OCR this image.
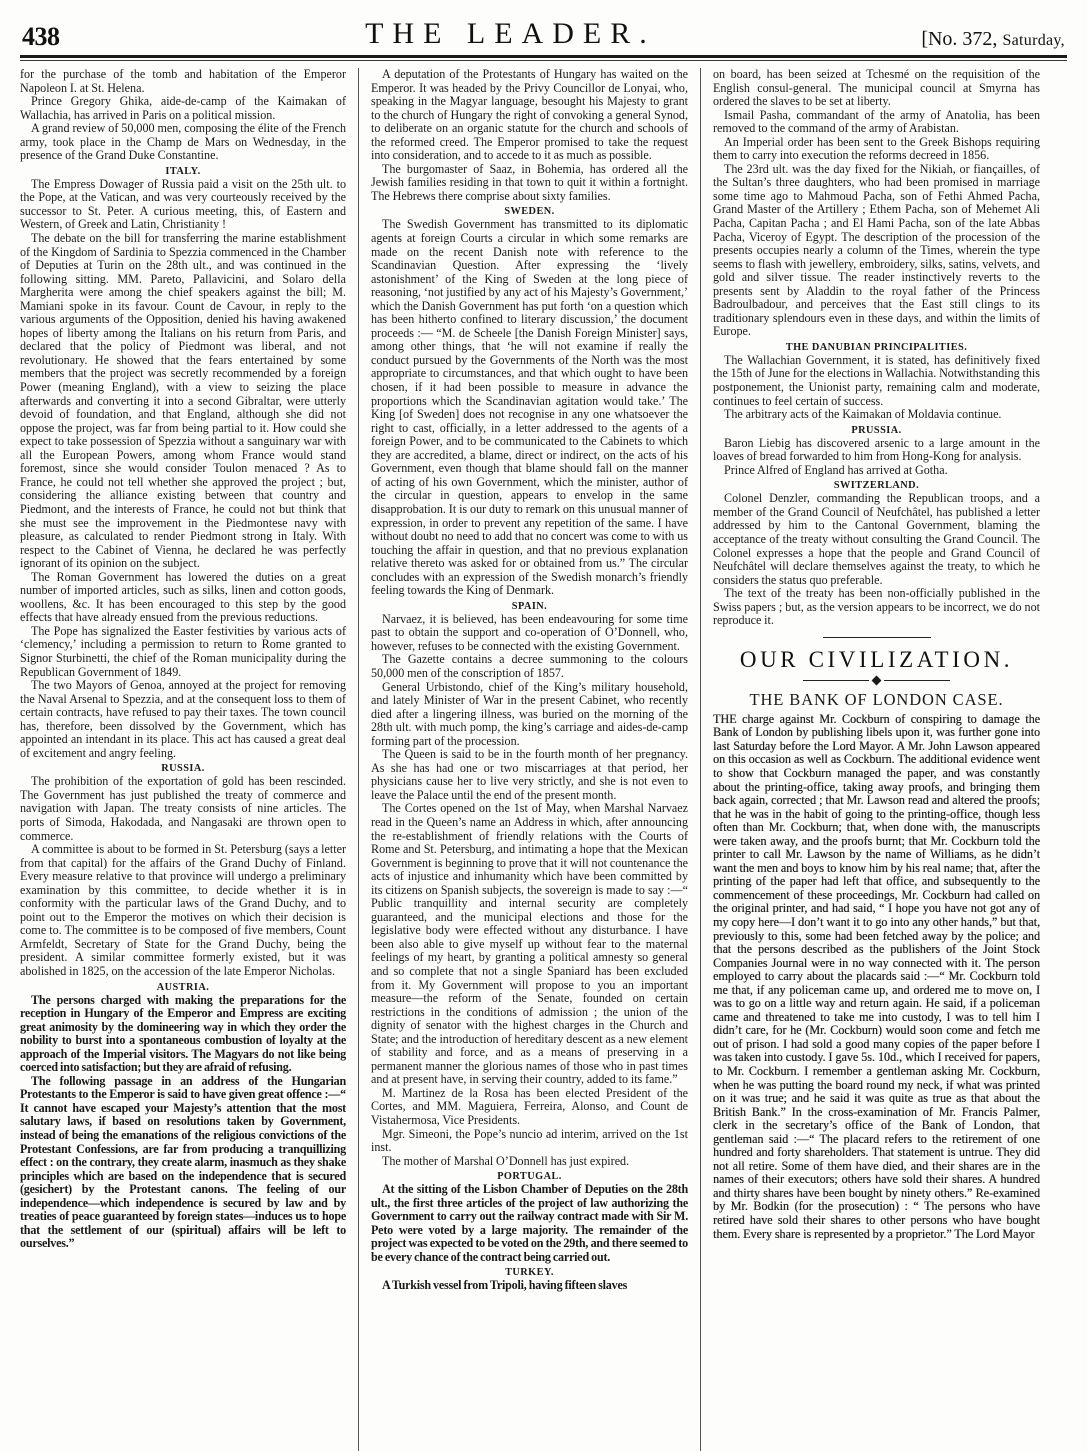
438	THE LEADER.	[No. 372, Saturday,

for the purchase of the tomb and habitation of the Emperor Napoleon I. at St. Helena.

Prince Gregory Ghika, aide-de-camp of the Kaimakan of Wallachia, has arrived in Paris on a political mission.

A grand review of 50,000 men, composing the élite of the French army, took place in the Champ de Mars on Wednesday, in the presence of the Grand Duke Constantine.

ITALY.

The Empress Dowager of Russia paid a visit on the 25th ult. to the Pope, at the Vatican, and was very courteously received by the successor to St. Peter. A curious meeting, this, of Eastern and Western, of Greek and Latin, Christianity !

The debate on the bill for transferring the marine establishment of the Kingdom of Sardinia to Spezzia commenced in the Chamber of Deputies at Turin on the 28th ult., and was continued in the following sitting. MM. Pareto, Pallavicini, and Solaro della Margherita were among the chief speakers against the bill; M. Mamiani spoke in its favour. Count de Cavour, in reply to the various arguments of the Opposition, denied his having awakened hopes of liberty among the Italians on his return from Paris, and declared that the policy of Piedmont was liberal, and not revolutionary. He showed that the fears entertained by some members that the project was secretly recommended by a foreign Power (meaning England), with a view to seizing the place afterwards and converting it into a second Gibraltar, were utterly devoid of foundation, and that England, although she did not oppose the project, was far from being partial to it. How could she expect to take possession of Spezzia without a sanguinary war with all the European Powers, among whom France would stand foremost, since she would consider Toulon menaced ? As to France, he could not tell whether she approved the project ; but, considering the alliance existing between that country and Piedmont, and the interests of France, he could not but think that she must see the improvement in the Piedmontese navy with pleasure, as calculated to render Piedmont strong in Italy. With respect to the Cabinet of Vienna, he declared he was perfectly ignorant of its opinion on the subject.

The Roman Government has lowered the duties on a great number of imported articles, such as silks, linen and cotton goods, woollens, &c. It has been encouraged to this step by the good effects that have already ensued from the previous reductions.

The Pope has signalized the Easter festivities by various acts of ‘clemency,’ including a permission to return to Rome granted to Signor Sturbinetti, the chief of the Roman municipality during the Republican Government of 1849.

The two Mayors of Genoa, annoyed at the project for removing the Naval Arsenal to Spezzia, and at the consequent loss to them of certain contracts, have refused to pay their taxes. The town council has, therefore, been dissolved by the Government, which has appointed an intendant in its place. This act has caused a great deal of excitement and angry feeling.

RUSSIA.

The prohibition of the exportation of gold has been rescinded. The Government has just published the treaty of commerce and navigation with Japan. The treaty consists of nine articles. The ports of Simoda, Hakodada, and Nangasaki are thrown open to commerce.

A committee is about to be formed in St. Petersburg (says a letter from that capital) for the affairs of the Grand Duchy of Finland. Every measure relative to that province will undergo a preliminary examination by this committee, to decide whether it is in conformity with the particular laws of the Grand Duchy, and to point out to the Emperor the motives on which their decision is come to. The committee is to be composed of five members, Count Armfeldt, Secretary of State for the Grand Duchy, being the president. A similar committee formerly existed, but it was abolished in 1825, on the accession of the late Emperor Nicholas.

AUSTRIA.

The persons charged with making the preparations for the reception in Hungary of the Emperor and Empress are exciting great animosity by the domineering way in which they order the nobility to burst into a spontaneous combustion of loyalty at the approach of the Imperial visitors. The Magyars do not like being coerced into satisfaction; but they are afraid of refusing.

The following passage in an address of the Hungarian Protestants to the Emperor is said to have given great offence :—“ It cannot have escaped your Majesty’s attention that the most salutary laws, if based on resolutions taken by Government, instead of being the emanations of the religious convictions of the Protestant Confessions, are far from producing a tranquillizing effect : on the contrary, they create alarm, inasmuch as they shake principles which are based on the independence that is secured (gesichert) by the Protestant canons. The feeling of our independence—which independence is secured by law and by treaties of peace guaranteed by foreign states—induces us to hope that the settlement of our (spiritual) affairs will be left to ourselves.”

A deputation of the Protestants of Hungary has waited on the Emperor. It was headed by the Privy Councillor de Lonyai, who, speaking in the Magyar language, besought his Majesty to grant to the church of Hungary the right of convoking a general Synod, to deliberate on an organic statute for the church and schools of the reformed creed. The Emperor promised to take the request into consideration, and to accede to it as much as possible.

The burgomaster of Saaz, in Bohemia, has ordered all the Jewish families residing in that town to quit it within a fortnight. The Hebrews there comprise about sixty families.

SWEDEN.

The Swedish Government has transmitted to its diplomatic agents at foreign Courts a circular in which some remarks are made on the recent Danish note with reference to the Scandinavian Question. After expressing the ‘lively astonishment’ of the King of Sweden at the long piece of reasoning, ‘not justified by any act of his Majesty’s Government,’ which the Danish Government has put forth ‘on a question which has been hitherto confined to literary discussion,’ the document proceeds :— “M. de Scheele [the Danish Foreign Minister] says, among other things, that ‘he will not examine if really the conduct pursued by the Governments of the North was the most appropriate to circumstances, and that which ought to have been chosen, if it had been possible to measure in advance the proportions which the Scandinavian agitation would take.’ The King [of Sweden] does not recognise in any one whatsoever the right to cast, officially, in a letter addressed to the agents of a foreign Power, and to be communicated to the Cabinets to which they are accredited, a blame, direct or indirect, on the acts of his Government, even though that blame should fall on the manner of acting of his own Government, which the minister, author of the circular in question, appears to envelop in the same disapprobation. It is our duty to remark on this unusual manner of expression, in order to prevent any repetition of the same. I have without doubt no need to add that no concert was come to with us touching the affair in question, and that no previous explanation relative thereto was asked for or obtained from us.” The circular concludes with an expression of the Swedish monarch’s friendly feeling towards the King of Denmark.

SPAIN.

Narvaez, it is believed, has been endeavouring for some time past to obtain the support and co-operation of O’Donnell, who, however, refuses to be connected with the existing Government.

The Gazette contains a decree summoning to the colours 50,000 men of the conscription of 1857.

General Urbistondo, chief of the King’s military household, and lately Minister of War in the present Cabinet, who recently died after a lingering illness, was buried on the morning of the 28th ult. with much pomp, the king’s carriage and aides-de-camp forming part of the procession.

The Queen is said to be in the fourth month of her pregnancy. As she has had one or two miscarriages at that period, her physicians cause her to live very strictly, and she is not even to leave the Palace until the end of the present month.

The Cortes opened on the 1st of May, when Marshal Narvaez read in the Queen’s name an Address in which, after announcing the re-establishment of friendly relations with the Courts of Rome and St. Petersburg, and intimating a hope that the Mexican Government is beginning to prove that it will not countenance the acts of injustice and inhumanity which have been committed by its citizens on Spanish subjects, the sovereign is made to say :—“ Public tranquillity and internal security are completely guaranteed, and the municipal elections and those for the legislative body were effected without any disturbance. I have been also able to give myself up without fear to the maternal feelings of my heart, by granting a political amnesty so general and so complete that not a single Spaniard has been excluded from it. My Government will propose to you an important measure—the reform of the Senate, founded on certain restrictions in the conditions of admission ; the union of the dignity of senator with the highest charges in the Church and State; and the introduction of hereditary descent as a new element of stability and force, and as a means of preserving in a permanent manner the glorious names of those who in past times and at present have, in serving their country, added to its fame.”

M. Martinez de la Rosa has been elected President of the Cortes, and MM. Maguiera, Ferreira, Alonso, and Count de Vistahermosa, Vice Presidents.

Mgr. Simeoni, the Pope’s nuncio ad interim, arrived on the 1st inst.

The mother of Marshal O’Donnell has just expired.

PORTUGAL.

At the sitting of the Lisbon Chamber of Deputies on the 28th ult., the first three articles of the project of law authorizing the Government to carry out the railway contract made with Sir M. Peto were voted by a large majority. The remainder of the project was expected to be voted on the 29th, and there seemed to be every chance of the contract being carried out.

TURKEY.

A Turkish vessel from Tripoli, having fifteen slaves

on board, has been seized at Tchesmé on the requisition of the English consul-general. The municipal council at Smyrna has ordered the slaves to be set at liberty.

Ismail Pasha, commandant of the army of Anatolia, has been removed to the command of the army of Arabistan.

An Imperial order has been sent to the Greek Bishops requiring them to carry into execution the reforms decreed in 1856.

The 23rd ult. was the day fixed for the Nikiah, or fiançailles, of the Sultan’s three daughters, who had been promised in marriage some time ago to Mahmoud Pacha, son of Fethi Ahmed Pacha, Grand Master of the Artillery ; Ethem Pacha, son of Mehemet Ali Pacha, Capitan Pacha ; and El Hami Pacha, son of the late Abbas Pacha, Viceroy of Egypt. The description of the procession of the presents occupies nearly a column of the Times, wherein the type seems to flash with jewellery, embroidery, silks, satins, velvets, and gold and silver tissue. The reader instinctively reverts to the presents sent by Aladdin to the royal father of the Princess Badroulbadour, and perceives that the East still clings to its traditionary splendours even in these days, and within the limits of Europe.

THE DANUBIAN PRINCIPALITIES.

The Wallachian Government, it is stated, has definitively fixed the 15th of June for the elections in Wallachia. Notwithstanding this postponement, the Unionist party, remaining calm and moderate, continues to feel certain of success.

The arbitrary acts of the Kaimakan of Moldavia continue.

PRUSSIA.

Baron Liebig has discovered arsenic to a large amount in the loaves of bread forwarded to him from Hong-Kong for analysis.

Prince Alfred of England has arrived at Gotha.

SWITZERLAND.

Colonel Denzler, commanding the Republican troops, and a member of the Grand Council of Neufchâtel, has published a letter addressed by him to the Cantonal Government, blaming the acceptance of the treaty without consulting the Grand Council. The Colonel expresses a hope that the people and Grand Council of Neufchâtel will declare themselves against the treaty, to which he considers the status quo preferable.

The text of the treaty has been non-officially published in the Swiss papers ; but, as the version appears to be incorrect, we do not reproduce it.

OUR CIVILIZATION.
THE BANK OF LONDON CASE.

THE charge against Mr. Cockburn of conspiring to damage the Bank of London by publishing libels upon it, was further gone into last Saturday before the Lord Mayor. A Mr. John Lawson appeared on this occasion as well as Cockburn. The additional evidence went to show that Cockburn managed the paper, and was constantly about the printing-office, taking away proofs, and bringing them back again, corrected ; that Mr. Lawson read and altered the proofs; that he was in the habit of going to the printing-office, though less often than Mr. Cockburn; that, when done with, the manuscripts were taken away, and the proofs burnt; that Mr. Cockburn told the printer to call Mr. Lawson by the name of Williams, as he didn’t want the men and boys to know him by his real name; that, after the printing of the paper had left that office, and subsequently to the commencement of these proceedings, Mr. Cockburn had called on the original printer, and had said, “ I hope you have not got any of my copy here—I don’t want it to go into any other hands,” but that, previously to this, some had been fetched away by the police; and that the persons described as the publishers of the Joint Stock Companies Journal were in no way connected with it. The person employed to carry about the placards said :—“ Mr. Cockburn told me that, if any policeman came up, and ordered me to move on, I was to go on a little way and return again. He said, if a policeman came and threatened to take me into custody, I was to tell him I didn’t care, for he (Mr. Cockburn) would soon come and fetch me out of prison. I had sold a good many copies of the paper before I was taken into custody. I gave 5s. 10d., which I received for papers, to Mr. Cockburn. I remember a gentleman asking Mr. Cockburn, when he was putting the board round my neck, if what was printed on it was true; and he said it was quite as true as that about the British Bank.” In the cross-examination of Mr. Francis Palmer, clerk in the secretary’s office of the Bank of London, that gentleman said :—“ The placard refers to the retirement of one hundred and forty shareholders. That statement is untrue. They did not all retire. Some of them have died, and their shares are in the names of their executors; others have sold their shares. A hundred and thirty shares have been bought by ninety others.” Re-examined by Mr. Bodkin (for the prosecution) : “ The persons who have retired have sold their shares to other persons who have bought them. Every share is represented by a proprietor.” The Lord Mayor
